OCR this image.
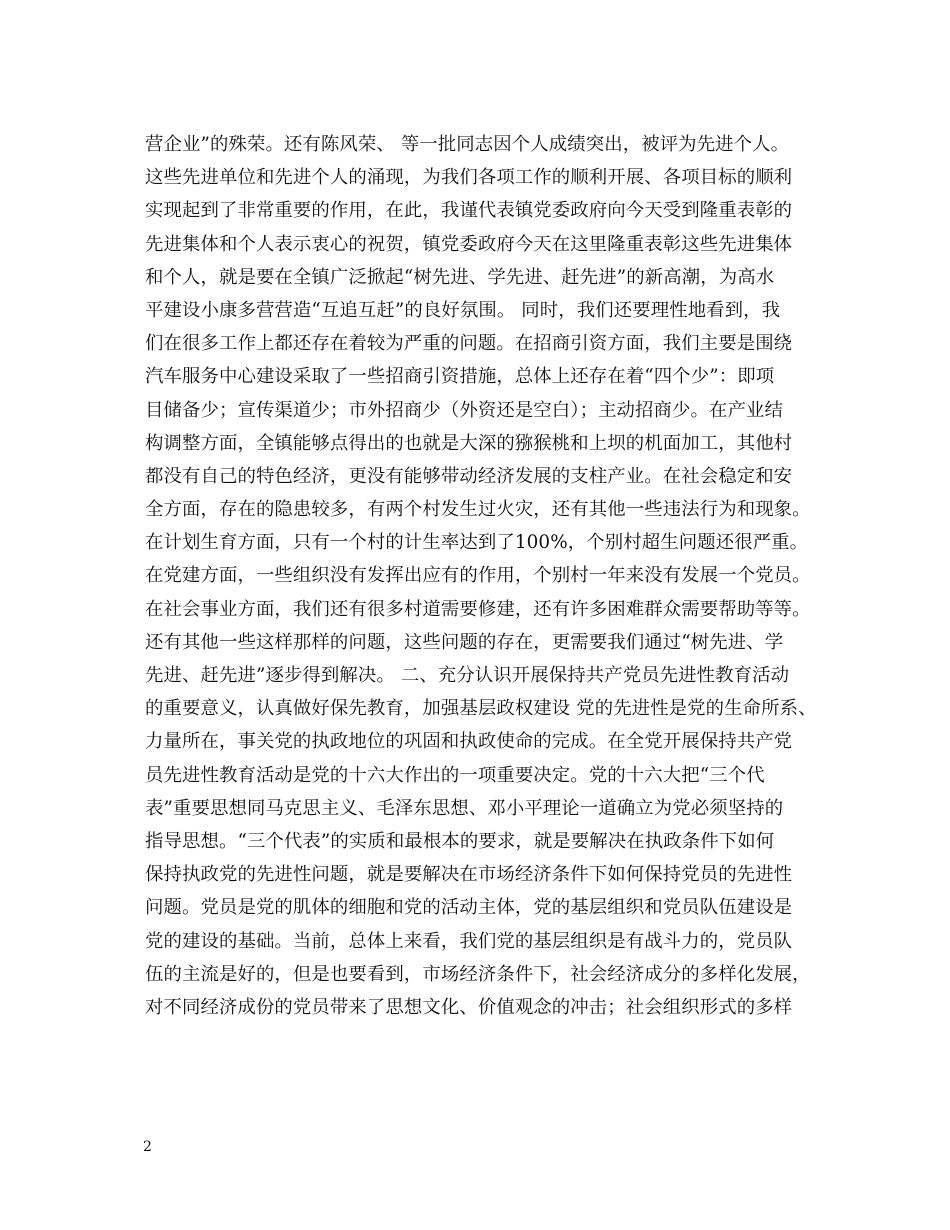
营企业”的殊荣。还有陈风荣、 等一批同志因个人成绩突出，被评为先进个人。
这些先进单位和先进个人的涌现，为我们各项工作的顺利开展、各项目标的顺利
实现起到了非常重要的作用，在此，我谨代表镇党委政府向今天受到隆重表彰的
先进集体和个人表示衷心的祝贺，镇党委政府今天在这里隆重表彰这些先进集体
和个人，就是要在全镇广泛掀起“树先进、学先进、赶先进”的新高潮，为高水
平建设小康多营营造“互追互赶”的良好氛围。 同时，我们还要理性地看到，我
们在很多工作上都还存在着较为严重的问题。在招商引资方面，我们主要是围绕
汽车服务中心建设采取了一些招商引资措施，总体上还存在着“四个少”：即项
目储备少；宣传渠道少；市外招商少（外资还是空白）；主动招商少。在产业结
构调整方面，全镇能够点得出的也就是大深的猕猴桃和上坝的机面加工，其他村
都没有自己的特色经济，更没有能够带动经济发展的支柱产业。在社会稳定和安
全方面，存在的隐患较多，有两个村发生过火灾，还有其他一些违法行为和现象。
在计划生育方面，只有一个村的计生率达到了100%，个别村超生问题还很严重。
在党建方面，一些组织没有发挥出应有的作用，个别村一年来没有发展一个党员。
在社会事业方面，我们还有很多村道需要修建，还有许多困难群众需要帮助等等。
还有其他一些这样那样的问题，这些问题的存在，更需要我们通过“树先进、学
先进、赶先进”逐步得到解决。 二、充分认识开展保持共产党员先进性教育活动
的重要意义，认真做好保先教育，加强基层政权建设 党的先进性是党的生命所系、
力量所在，事关党的执政地位的巩固和执政使命的完成。在全党开展保持共产党
员先进性教育活动是党的十六大作出的一项重要决定。党的十六大把“三个代
表”重要思想同马克思主义、毛泽东思想、邓小平理论一道确立为党必须坚持的
指导思想。“三个代表”的实质和最根本的要求，就是要解决在执政条件下如何
保持执政党的先进性问题，就是要解决在市场经济条件下如何保持党员的先进性
问题。党员是党的肌体的细胞和党的活动主体，党的基层组织和党员队伍建设是
党的建设的基础。当前，总体上来看，我们党的基层组织是有战斗力的，党员队
伍的主流是好的，但是也要看到，市场经济条件下，社会经济成分的多样化发展，
对不同经济成份的党员带来了思想文化、价值观念的冲击；社会组织形式的多样
2
